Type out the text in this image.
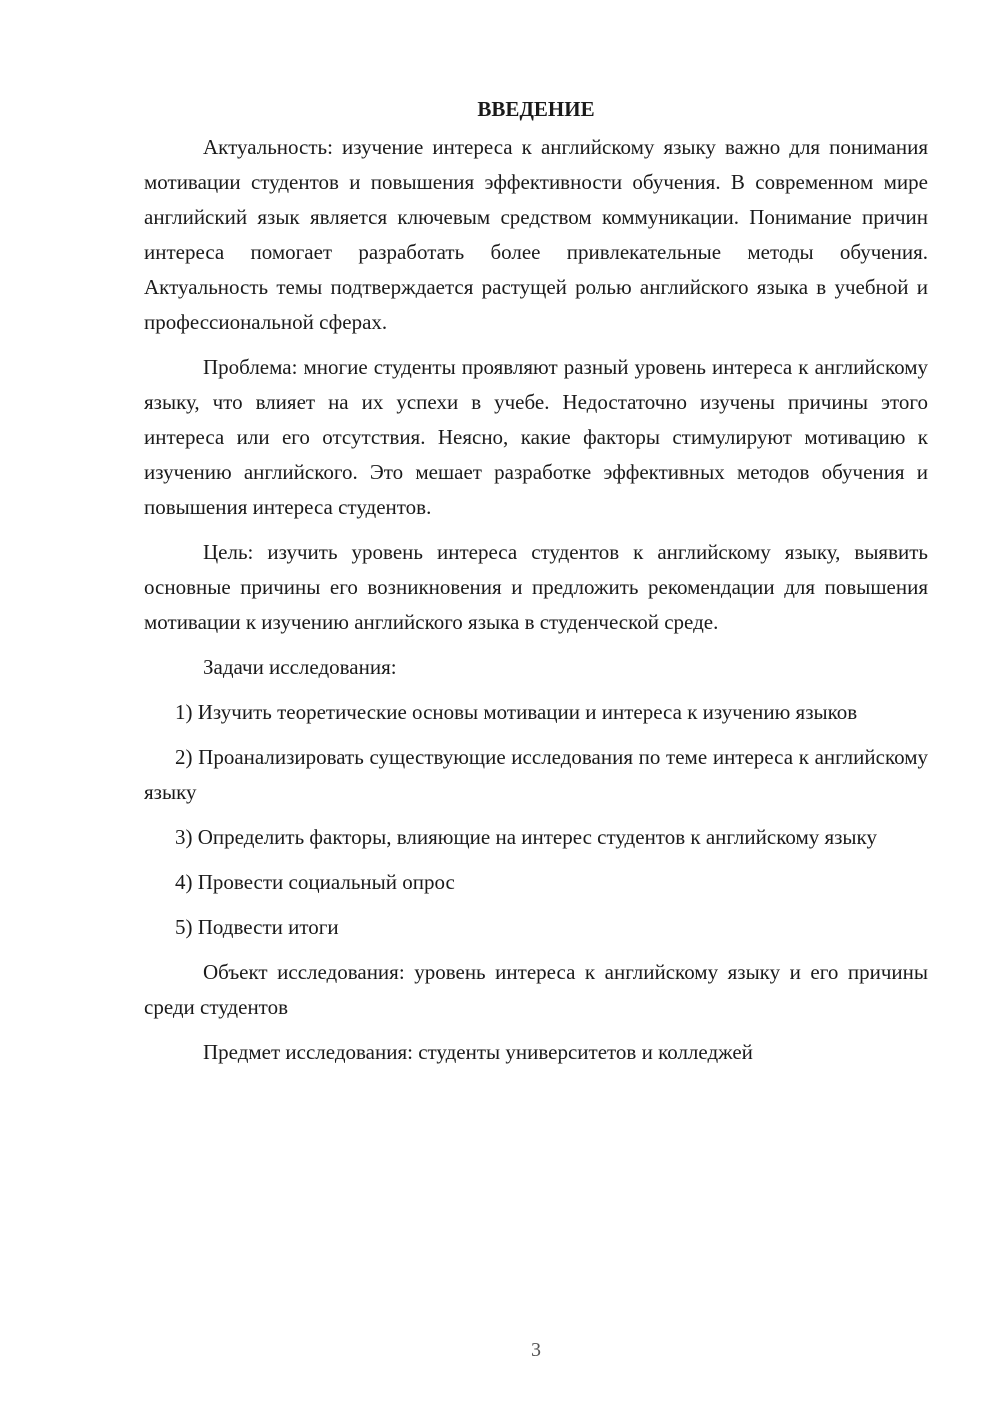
ВВЕДЕНИЕ

Актуальность: изучение интереса к английскому языку важно для понимания мотивации студентов и повышения эффективности обучения. В современном мире английский язык является ключевым средством коммуникации. Понимание причин интереса помогает разработать более привлекательные методы обучения. Актуальность темы подтверждается растущей ролью английского языка в учебной и профессиональной сферах.

Проблема: многие студенты проявляют разный уровень интереса к английскому языку, что влияет на их успехи в учебе. Недостаточно изучены причины этого интереса или его отсутствия. Неясно, какие факторы стимулируют мотивацию к изучению английского. Это мешает разработке эффективных методов обучения и повышения интереса студентов.

Цель: изучить уровень интереса студентов к английскому языку, выявить основные причины его возникновения и предложить рекомендации для повышения мотивации к изучению английского языка в студенческой среде.

Задачи исследования:

1) Изучить теоретические основы мотивации и интереса к изучению языков

2) Проанализировать существующие исследования по теме интереса к английскому языку

3) Определить факторы, влияющие на интерес студентов к английскому языку

4) Провести социальный опрос

5) Подвести итоги

Объект исследования: уровень интереса к английскому языку и его причины среди студентов

Предмет исследования: студенты университетов и колледжей

3
